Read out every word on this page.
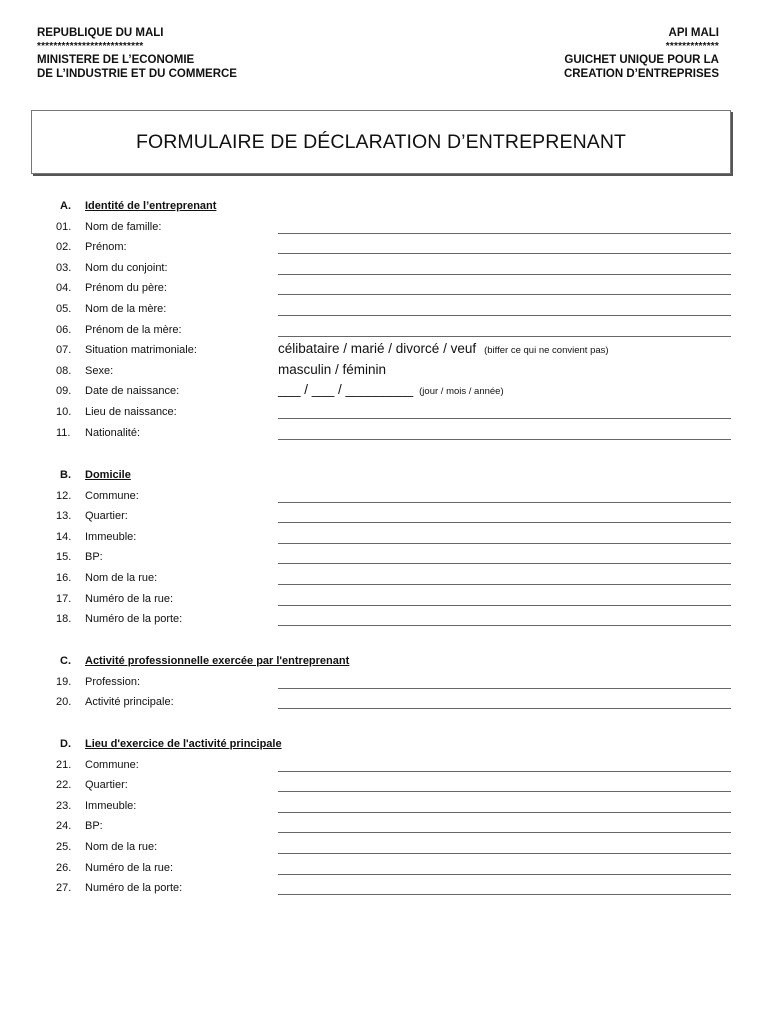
REPUBLIQUE DU MALI
**************************
MINISTERE DE L’ECONOMIE
DE L’INDUSTRIE ET DU COMMERCE
API MALI
*************
GUICHET UNIQUE POUR LA
CREATION D’ENTREPRISES
FORMULAIRE DE DÉCLARATION D’ENTREPRENANT
A. Identité de l’entreprenant
01. Nom de famille:
02. Prénom:
03. Nom du conjoint:
04. Prénom du père:
05. Nom de la mère:
06. Prénom de la mère:
07. Situation matrimoniale:	célibataire / marié / divorcé / veuf (biffer ce qui ne convient pas)
08. Sexe:	masculin / féminin
09. Date de naissance:	___ / ___ / _________ (jour / mois / année)
10. Lieu de naissance:
11. Nationalité:
B. Domicile
12. Commune:
13. Quartier:
14. Immeuble:
15. BP:
16. Nom de la rue:
17. Numéro de la rue:
18. Numéro de la porte:
C. Activité professionnelle exercée par l'entreprenant
19. Profession:
20. Activité principale:
D. Lieu d'exercice de l'activité principale
21. Commune:
22. Quartier:
23. Immeuble:
24. BP:
25. Nom de la rue:
26. Numéro de la rue:
27. Numéro de la porte:
